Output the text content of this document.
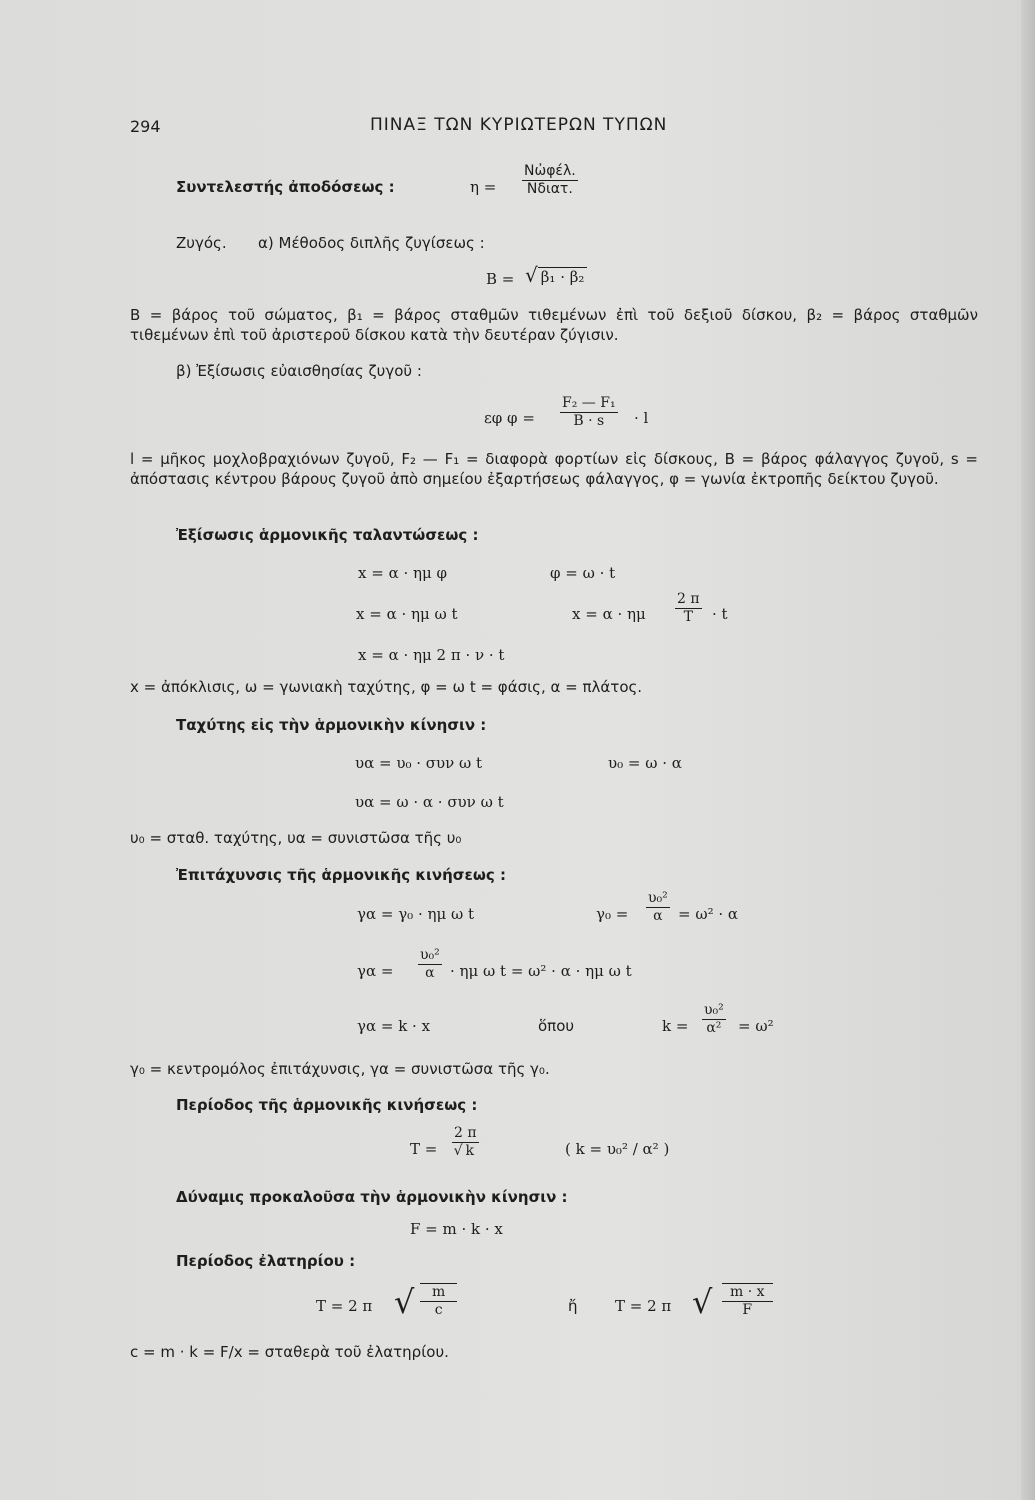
294	ΠΙΝΑΞ ΤΩΝ ΚΥΡΙΩΤΕΡΩΝ ΤΥΠΩΝ
Συντελεστής ἀποδόσεως :	η =
Nὠφέλ.
Nδιατ.
Ζυγός. α) Μέθοδος διπλῆς ζυγίσεως :
B = √ β₁ · β₂
B = βάρος τοῦ σώματος, β₁ = βάρος σταθμῶν τιθεμένων ἐπὶ τοῦ δεξιοῦ δίσκου, β₂ = βάρος σταθμῶν τιθεμένων ἐπὶ τοῦ ἀριστεροῦ δίσκου κατὰ τὴν δευτέραν ζύγισιν.
β) Ἐξίσωσις εὐαισθησίας ζυγοῦ :
εφ $\varphi = \frac{\text{F₂ — F₁}}{B \cdot s} \cdot l$
l = μῆκος μοχλοβραχιόνων ζυγοῦ, F₂ — F₁ = διαφορὰ φορτίων εἰς δίσκους, B = βάρος φάλαγγος ζυγοῦ, s = ἀπόστασις κέντρου βάρους ζυγοῦ ἀπὸ σημείου ἐξαρτήσεως φάλαγγος, φ = γωνία ἐκτροπῆς δείκτου ζυγοῦ.
Ἐξίσωσις ἁρμονικῆς ταλαντώσεως :
x = α · ημ φ	φ = ω · t
x = α · ημ ω t	x = α · ημ $\frac{2 \pi}{T} \cdot t$
x = α · ημ 2 π · ν · t
x = ἀπόκλισις, ω = γωνιακὴ ταχύτης, φ = ω t = φάσις, α = πλάτος.
Ταχύτης εἰς τὴν ἁρμονικὴν κίνησιν :
υα = υ₀ · συν ω t	υ₀ = ω · α
υα = ω · α · συν ω t
υ₀ = σταθ. ταχύτης, υα = συνιστῶσα τῆς υ₀
Ἐπιτάχυνσις τῆς ἁρμονικῆς κινήσεως :
γα = γ₀ · ημ ω t	$\gamma_0 = \frac{\text{υ₀²}}{\alpha} = \omega^2 \cdot \alpha$
$\gamma\alpha = \frac{\text{υ₀²}}{\alpha} \cdot \eta\mu$ ω t = ω² · α · ημ ω t
γα = k · x	ὅπου	$k = \frac{\text{υ₀²}}{\text{α²}} = \omega^2$
γ₀ = κεντρομόλος ἐπιτάχυνσις, γα = συνιστῶσα τῆς γ₀.
Περίοδος τῆς ἁρμονικῆς κινήσεως :
$T = \frac{2 \pi}{√ k}$	( k = υ₀² / α² )
Δύναμις προκαλοῦσα τὴν ἁρμονικὴν κίνησιν :
F = m · k · x
Περίοδος ἐλατηρίου :
T = 2 π √ $\frac{m}{c}$	ἤ T = 2 π √ $\frac{m \cdot x}{F}$
c = m · k = F/x = σταθερὰ τοῦ ἐλατηρίου.
